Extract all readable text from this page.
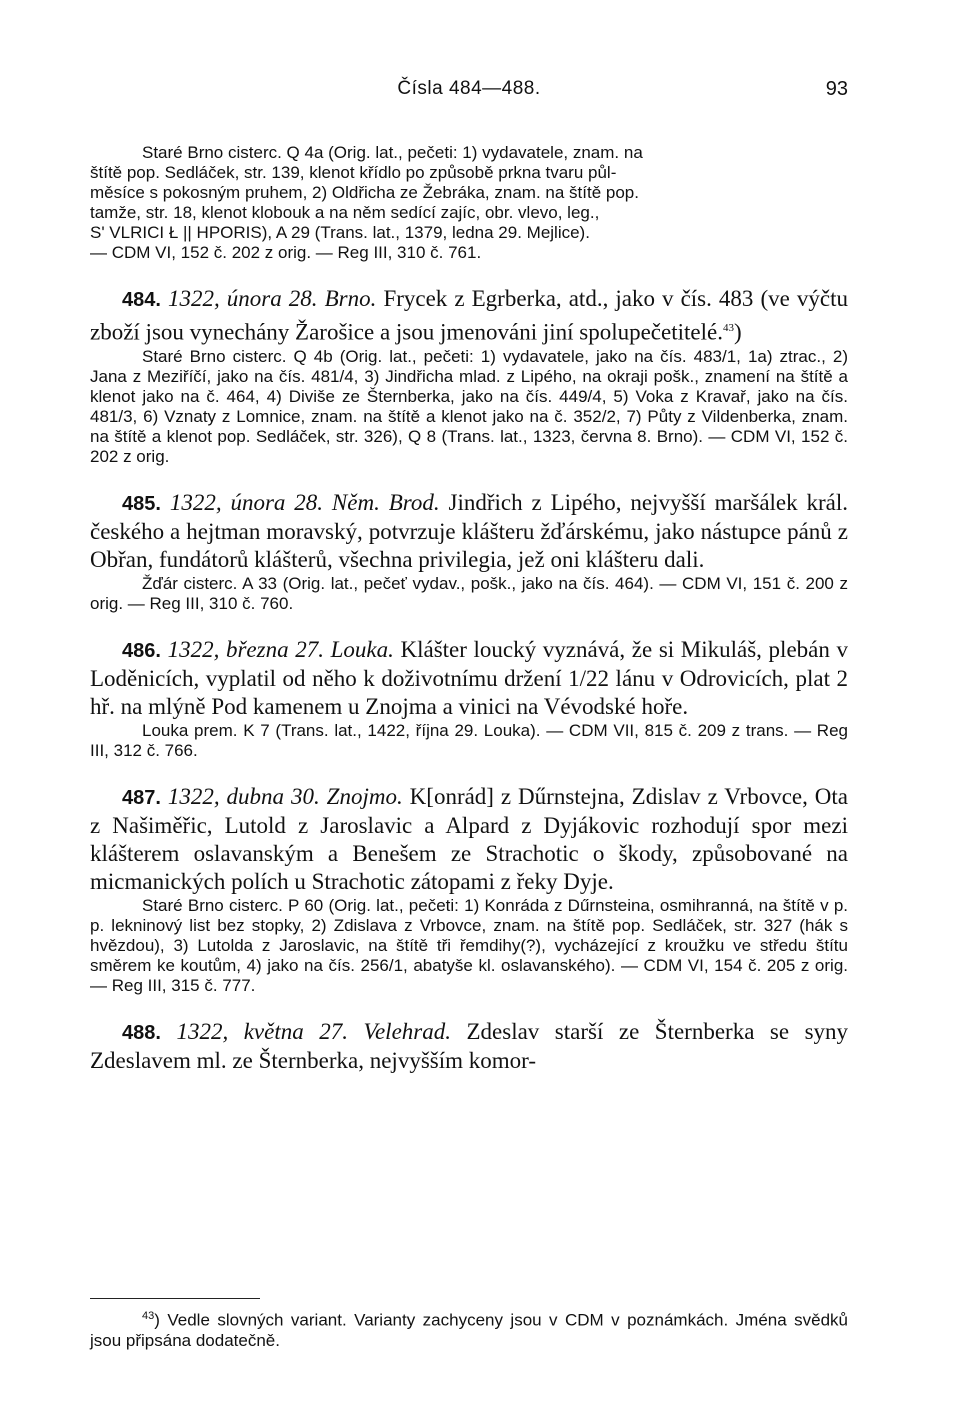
Čísla 484—488.	93
Staré Brno cisterc. Q 4a (Orig. lat., pečeti: 1) vydavatele, znam. na
štítě pop. Sedláček, str. 139, klenot křídlo po způsobě prkna tvaru půl-
měsíce s pokosným pruhem, 2) Oldřicha ze Žebráka, znam. na štítě pop.
tamže, str. 18, klenot klobouk a na něm sedící zajíc, obr. vlevo, leg.,
S' VLRICI Ł || HPORIS), A 29 (Trans. lat., 1379, ledna 29. Mejlice).
— CDM VI, 152 č. 202 z orig. — Reg III, 310 č. 761.

484. 1322, února 28. Brno. Frycek z Egrberka, atd., jako v čís. 483 (ve výčtu zboží jsou vynechány Žarošice a jsou jmenováni jiní spolupečetitelé.$^{43}$)

Staré Brno cisterc. Q 4b (Orig. lat., pečeti: 1) vydavatele, jako na čís. 483/1, 1a) ztrac., 2) Jana z Meziříčí, jako na čís. 481/4, 3) Jindřicha mlad. z Lipého, na okraji pošk., znamení na štítě a klenot jako na č. 464, 4) Diviše ze Šternberka, jako na čís. 449/4, 5) Voka z Kravař, jako na čís. 481/3, 6) Vznaty z Lomnice, znam. na štítě a klenot jako na č. 352/2, 7) Půty z Vildenberka, znam. na štítě a klenot pop. Sedláček, str. 326), Q 8 (Trans. lat., 1323, června 8. Brno). — CDM VI, 152 č. 202 z orig.

485. 1322, února 28. Něm. Brod. Jindřich z Lipého, nejvyšší maršálek král. českého a hejtman moravský, potvrzuje klášteru žďárskému, jako nástupce pánů z Obřan, fundátorů klášterů, všechna privilegia, jež oni klášteru dali.

Žďár cisterc. A 33 (Orig. lat., pečeť vydav., pošk., jako na čís. 464). — CDM VI, 151 č. 200 z orig. — Reg III, 310 č. 760.

486. 1322, března 27. Louka. Klášter loucký vyznává, že si Mikuláš, plebán v Loděnicích, vyplatil od něho k doživotnímu držení 1/22 lánu v Odrovicích, plat 2 hř. na mlýně Pod kamenem u Znojma a vinici na Vévodské hoře.

Louka prem. K 7 (Trans. lat., 1422, října 29. Louka). — CDM VII, 815 č. 209 z trans. — Reg III, 312 č. 766.

487. 1322, dubna 30. Znojmo. K[onrád] z Dűrnstejna, Zdislav z Vrbovce, Ota z Našiměřic, Lutold z Jaroslavic a Alpard z Dyjákovic rozhodují spor mezi klášterem oslavanským a Benešem ze Strachotic o škody, způsobované na micmanických polích u Strachotic zátopami z řeky Dyje.

Staré Brno cisterc. P 60 (Orig. lat., pečeti: 1) Konráda z Dűrnsteina, osmihranná, na štítě v p. p. lekninový list bez stopky, 2) Zdislava z Vrbovce, znam. na štítě pop. Sedláček, str. 327 (hák s hvězdou), 3) Lutolda z Jaroslavic, na štítě tři řemdihy(?), vycházející z kroužku ve středu štítu směrem ke koutům, 4) jako na čís. 256/1, abatyše kl. oslavanského). — CDM VI, 154 č. 205 z orig. — Reg III, 315 č. 777.

488. 1322, května 27. Velehrad. Zdeslav starší ze Šternberka se syny Zdeslavem ml. ze Šternberka, nejvyšším komor-

$^{43}$) Vedle slovných variant. Varianty zachyceny jsou v CDM v poznámkách. Jména svědků jsou připsána dodatečně.
